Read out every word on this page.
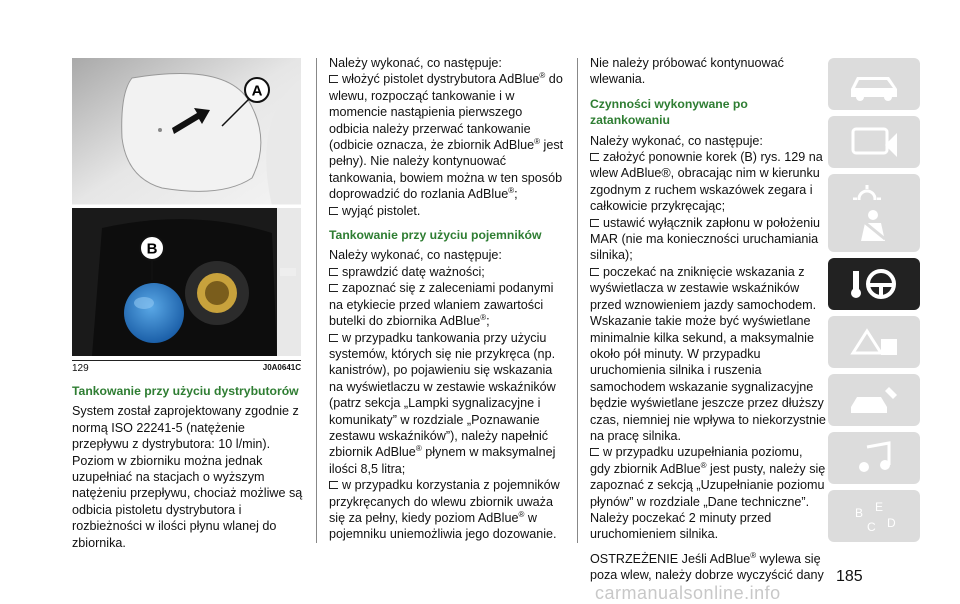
A
B
129	J0A0641C

Tankowanie przy użyciu dystrybutorów

System został zaprojektowany zgodnie z normą ISO 22241-5 (natężenie przepływu z dystrybutora: 10 l/min). Poziom w zbiorniku można jednak uzupełniać na stacjach o wyższym natężeniu przepływu, chociaż możliwe są odbicia pistoletu dystrybutora i rozbieżności w ilości płynu wlanej do zbiornika.

Należy wykonać, co następuje:

włożyć pistolet dystrybutora AdBlue® do wlewu, rozpocząć tankowanie i w momencie nastąpienia pierwszego odbicia należy przerwać tankowanie (odbicie oznacza, że zbiornik AdBlue® jest pełny). Nie należy kontynuować tankowania, bowiem można w ten sposób doprowadzić do rozlania AdBlue®;

wyjąć pistolet.

Tankowanie przy użyciu pojemników

Należy wykonać, co następuje:

sprawdzić datę ważności;

zapoznać się z zaleceniami podanymi na etykiecie przed wlaniem zawartości butelki do zbiornika AdBlue®;

w przypadku tankowania przy użyciu systemów, których się nie przykręca (np. kanistrów), po pojawieniu się wskazania na wyświetlaczu w zestawie wskaźników (patrz sekcja „Lampki sygnalizacyjne i komunikaty” w rozdziale „Poznawanie zestawu wskaźników”), należy napełnić zbiornik AdBlue® płynem w maksymalnej ilości 8,5 litra;

w przypadku korzystania z pojemników przykręcanych do wlewu zbiornik uważa się za pełny, kiedy poziom AdBlue® w pojemniku uniemożliwia jego dozowanie.

Nie należy próbować kontynuować wlewania.

Czynności wykonywane po zatankowaniu

Należy wykonać, co następuje:

założyć ponownie korek (B) rys. 129 na wlew AdBlue®, obracając nim w kierunku zgodnym z ruchem wskazówek zegara i całkowicie przykręcając;

ustawić wyłącznik zapłonu w położeniu MAR (nie ma konieczności uruchamiania silnika);

poczekać na zniknięcie wskazania z wyświetlacza w zestawie wskaźników przed wznowieniem jazdy samochodem. Wskazanie takie może być wyświetlane minimalnie kilka sekund, a maksymalnie około pół minuty. W przypadku uruchomienia silnika i ruszenia samochodem wskazanie sygnalizacyjne będzie wyświetlane jeszcze przez dłuższy czas, niemniej nie wpływa to niekorzystnie na pracę silnika.

w przypadku uzupełniania poziomu, gdy zbiornik AdBlue® jest pusty, należy się zapoznać z sekcją „Uzupełnianie poziomu płynów” w rozdziale „Dane techniczne”. Należy poczekać 2 minuty przed uruchomieniem silnika.

OSTRZEŻENIE Jeśli AdBlue® wylewa się poza wlew, należy dobrze wyczyścić dany

B E
C D
185
carmanualsonline.info
